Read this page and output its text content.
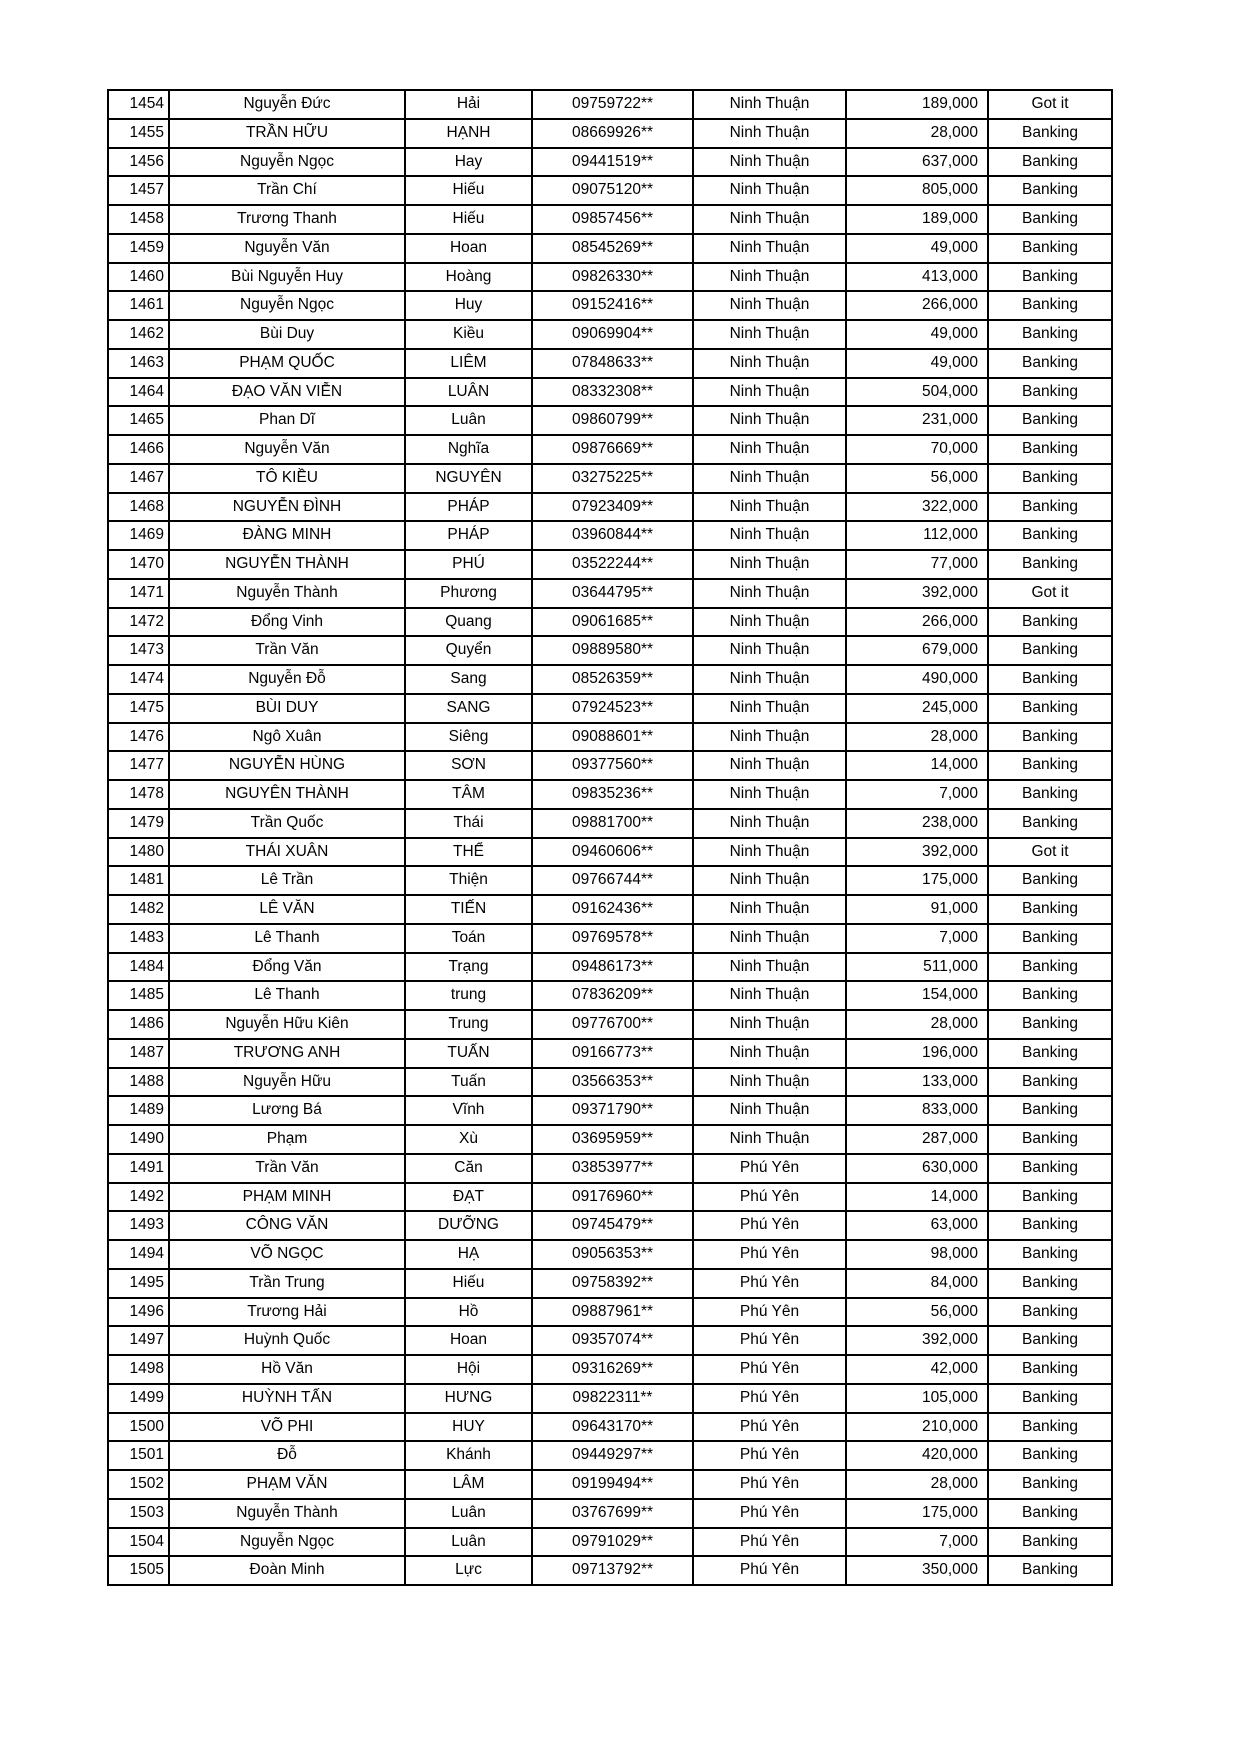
1454	Nguyễn Đức	Hải	09759722**	Ninh Thuận	189,000	Got it
1455	TRẦN HỮU	HẠNH	08669926**	Ninh Thuận	28,000	Banking
1456	Nguyễn Ngọc	Hay	09441519**	Ninh Thuận	637,000	Banking
1457	Trần Chí	Hiếu	09075120**	Ninh Thuận	805,000	Banking
1458	Trương Thanh	Hiếu	09857456**	Ninh Thuận	189,000	Banking
1459	Nguyễn Văn	Hoan	08545269**	Ninh Thuận	49,000	Banking
1460	Bùi Nguyễn Huy	Hoàng	09826330**	Ninh Thuận	413,000	Banking
1461	Nguyễn Ngọc	Huy	09152416**	Ninh Thuận	266,000	Banking
1462	Bùi Duy	Kiều	09069904**	Ninh Thuận	49,000	Banking
1463	PHẠM QUỐC	LIÊM	07848633**	Ninh Thuận	49,000	Banking
1464	ĐẠO VĂN VIỄN	LUÂN	08332308**	Ninh Thuận	504,000	Banking
1465	Phan Dĩ	Luân	09860799**	Ninh Thuận	231,000	Banking
1466	Nguyễn Văn	Nghĩa	09876669**	Ninh Thuận	70,000	Banking
1467	TÔ KIỀU	NGUYÊN	03275225**	Ninh Thuận	56,000	Banking
1468	NGUYỄN ĐÌNH	PHÁP	07923409**	Ninh Thuận	322,000	Banking
1469	ĐÀNG MINH	PHÁP	03960844**	Ninh Thuận	112,000	Banking
1470	NGUYỄN THÀNH	PHÚ	03522244**	Ninh Thuận	77,000	Banking
1471	Nguyễn Thành	Phương	03644795**	Ninh Thuận	392,000	Got it
1472	Đổng Vinh	Quang	09061685**	Ninh Thuận	266,000	Banking
1473	Trần Văn	Quyển	09889580**	Ninh Thuận	679,000	Banking
1474	Nguyễn Đỗ	Sang	08526359**	Ninh Thuận	490,000	Banking
1475	BÙI DUY	SANG	07924523**	Ninh Thuận	245,000	Banking
1476	Ngô Xuân	Siêng	09088601**	Ninh Thuận	28,000	Banking
1477	NGUYỄN HÙNG	SƠN	09377560**	Ninh Thuận	14,000	Banking
1478	NGUYÊN THÀNH	TÂM	09835236**	Ninh Thuận	7,000	Banking
1479	Trần Quốc	Thái	09881700**	Ninh Thuận	238,000	Banking
1480	THÁI XUÂN	THỂ	09460606**	Ninh Thuận	392,000	Got it
1481	Lê Trần	Thiện	09766744**	Ninh Thuận	175,000	Banking
1482	LÊ VĂN	TIẾN	09162436**	Ninh Thuận	91,000	Banking
1483	Lê Thanh	Toán	09769578**	Ninh Thuận	7,000	Banking
1484	Đổng Văn	Trạng	09486173**	Ninh Thuận	511,000	Banking
1485	Lê Thanh	trung	07836209**	Ninh Thuận	154,000	Banking
1486	Nguyễn Hữu Kiên	Trung	09776700**	Ninh Thuận	28,000	Banking
1487	TRƯƠNG ANH	TUẤN	09166773**	Ninh Thuận	196,000	Banking
1488	Nguyễn Hữu	Tuấn	03566353**	Ninh Thuận	133,000	Banking
1489	Lương Bá	Vĩnh	09371790**	Ninh Thuận	833,000	Banking
1490	Phạm	Xù	03695959**	Ninh Thuận	287,000	Banking
1491	Trần Văn	Căn	03853977**	Phú Yên	630,000	Banking
1492	PHẠM MINH	ĐẠT	09176960**	Phú Yên	14,000	Banking
1493	CÔNG VĂN	DƯỠNG	09745479**	Phú Yên	63,000	Banking
1494	VÕ NGỌC	HẠ	09056353**	Phú Yên	98,000	Banking
1495	Trần Trung	Hiếu	09758392**	Phú Yên	84,000	Banking
1496	Trương Hải	Hồ	09887961**	Phú Yên	56,000	Banking
1497	Huỳnh Quốc	Hoan	09357074**	Phú Yên	392,000	Banking
1498	Hồ Văn	Hội	09316269**	Phú Yên	42,000	Banking
1499	HUỲNH TẤN	HƯNG	09822311**	Phú Yên	105,000	Banking
1500	VÕ PHI	HUY	09643170**	Phú Yên	210,000	Banking
1501	Đỗ	Khánh	09449297**	Phú Yên	420,000	Banking
1502	PHẠM VĂN	LÂM	09199494**	Phú Yên	28,000	Banking
1503	Nguyễn Thành	Luân	03767699**	Phú Yên	175,000	Banking
1504	Nguyễn Ngọc	Luân	09791029**	Phú Yên	7,000	Banking
1505	Đoàn Minh	Lực	09713792**	Phú Yên	350,000	Banking
